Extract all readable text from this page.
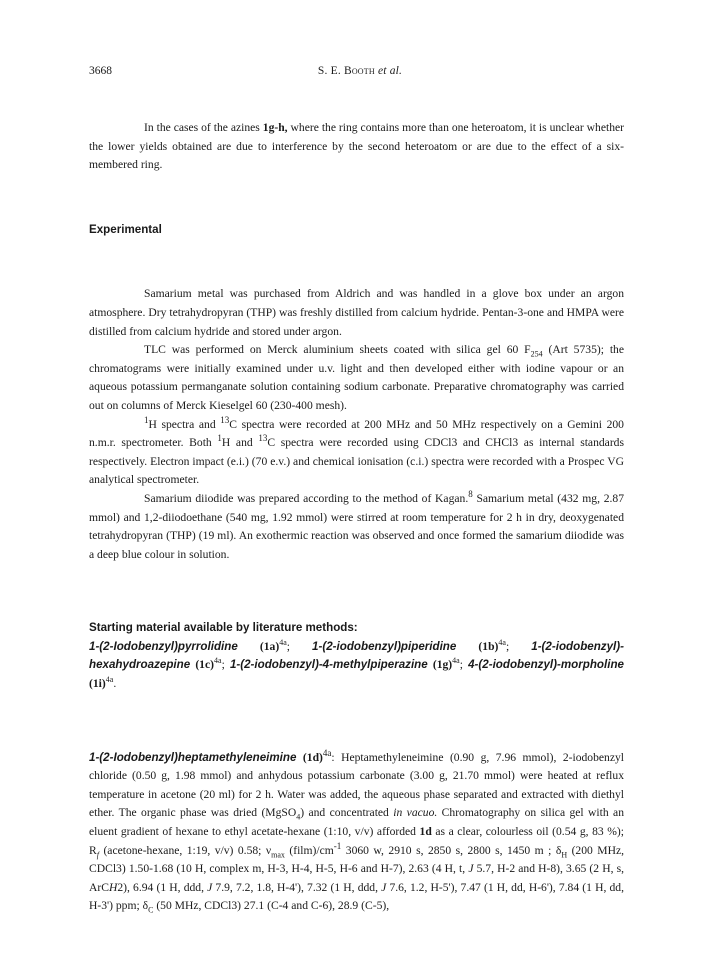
3668	S. E. Booth et al.

In the cases of the azines 1g-h, where the ring contains more than one heteroatom, it is unclear whether the lower yields obtained are due to interference by the second heteroatom or are due to the effect of a six-membered ring.

Experimental

Samarium metal was purchased from Aldrich and was handled in a glove box under an argon atmosphere. Dry tetrahydropyran (THP) was freshly distilled from calcium hydride. Pentan-3-one and HMPA were distilled from calcium hydride and stored under argon.

TLC was performed on Merck aluminium sheets coated with silica gel 60 $F_{254}$ (Art 5735); the chromatograms were initially examined under u.v. light and then developed either with iodine vapour or an aqueous potassium permanganate solution containing sodium carbonate. Preparative chromatography was carried out on columns of Merck Kieselgel 60 (230-400 mesh).

$^1$H spectra and $^{13}$C spectra were recorded at 200 MHz and 50 MHz respectively on a Gemini 200 n.m.r. spectrometer. Both $^1$H and $^{13}$C spectra were recorded using CDCl3 and CHCl3 as internal standards respectively. Electron impact (e.i.) (70 e.v.) and chemical ionisation (c.i.) spectra were recorded with a Prospec VG analytical spectrometer.

Samarium diiodide was prepared according to the method of Kagan.$^8$ Samarium metal (432 mg, 2.87 mmol) and 1,2-diiodoethane (540 mg, 1.92 mmol) were stirred at room temperature for 2 h in dry, deoxygenated tetrahydropyran (THP) (19 ml). An exothermic reaction was observed and once formed the samarium diiodide was a deep blue colour in solution.

Starting material available by literature methods:

1-(2-Iodobenzyl)pyrrolidine $(1a)^{4a}$; 1-(2-iodobenzyl)piperidine $(1b)^{4a}$; 1-(2-iodobenzyl)-hexahydroazepine $(1c)^{4a}$; 1-(2-iodobenzyl)-4-methylpiperazine $(1g)^{4a}$; 4-(2-iodobenzyl)-morpholine $(1i)^{4a}$.

1-(2-Iodobenzyl)heptamethyleneimine $(1d)^{4a}$: Heptamethyleneimine (0.90 g, 7.96 mmol), 2-iodobenzyl chloride (0.50 g, 1.98 mmol) and anhydous potassium carbonate (3.00 g, 21.70 mmol) were heated at reflux temperature in acetone (20 ml) for 2 h. Water was added, the aqueous phase separated and extracted with diethyl ether. The organic phase was dried (MgSO$_4$) and concentrated in vacuo. Chromatography on silica gel with an eluent gradient of hexane to ethyl acetate-hexane (1:10, v/v) afforded 1d as a clear, colourless oil (0.54 g, 83 %); $R_f$ (acetone-hexane, 1:19, v/v) 0.58; $\nu_{max}$ $(film)/cm^{-1}$ 3060 w, 2910 s, 2850 s, 2800 s, 1450 m ; $\delta_H$ (200 MHz, CDCl3) 1.50-1.68 (10 H, complex m, H-3, H-4, H-5, H-6 and H-7), 2.63 (4 H, t, J 5.7, H-2 and H-8), 3.65 (2 H, s, ArCH2), 6.94 (1 H, ddd, J 7.9, 7.2, 1.8, H-4'), 7.32 (1 H, ddd, J 7.6, 1.2, H-5'), 7.47 (1 H, dd, H-6'), 7.84 (1 H, dd, H-3') ppm; $\delta_C$ (50 MHz, CDCl3) 27.1 (C-4 and C-6), 28.9 (C-5),
